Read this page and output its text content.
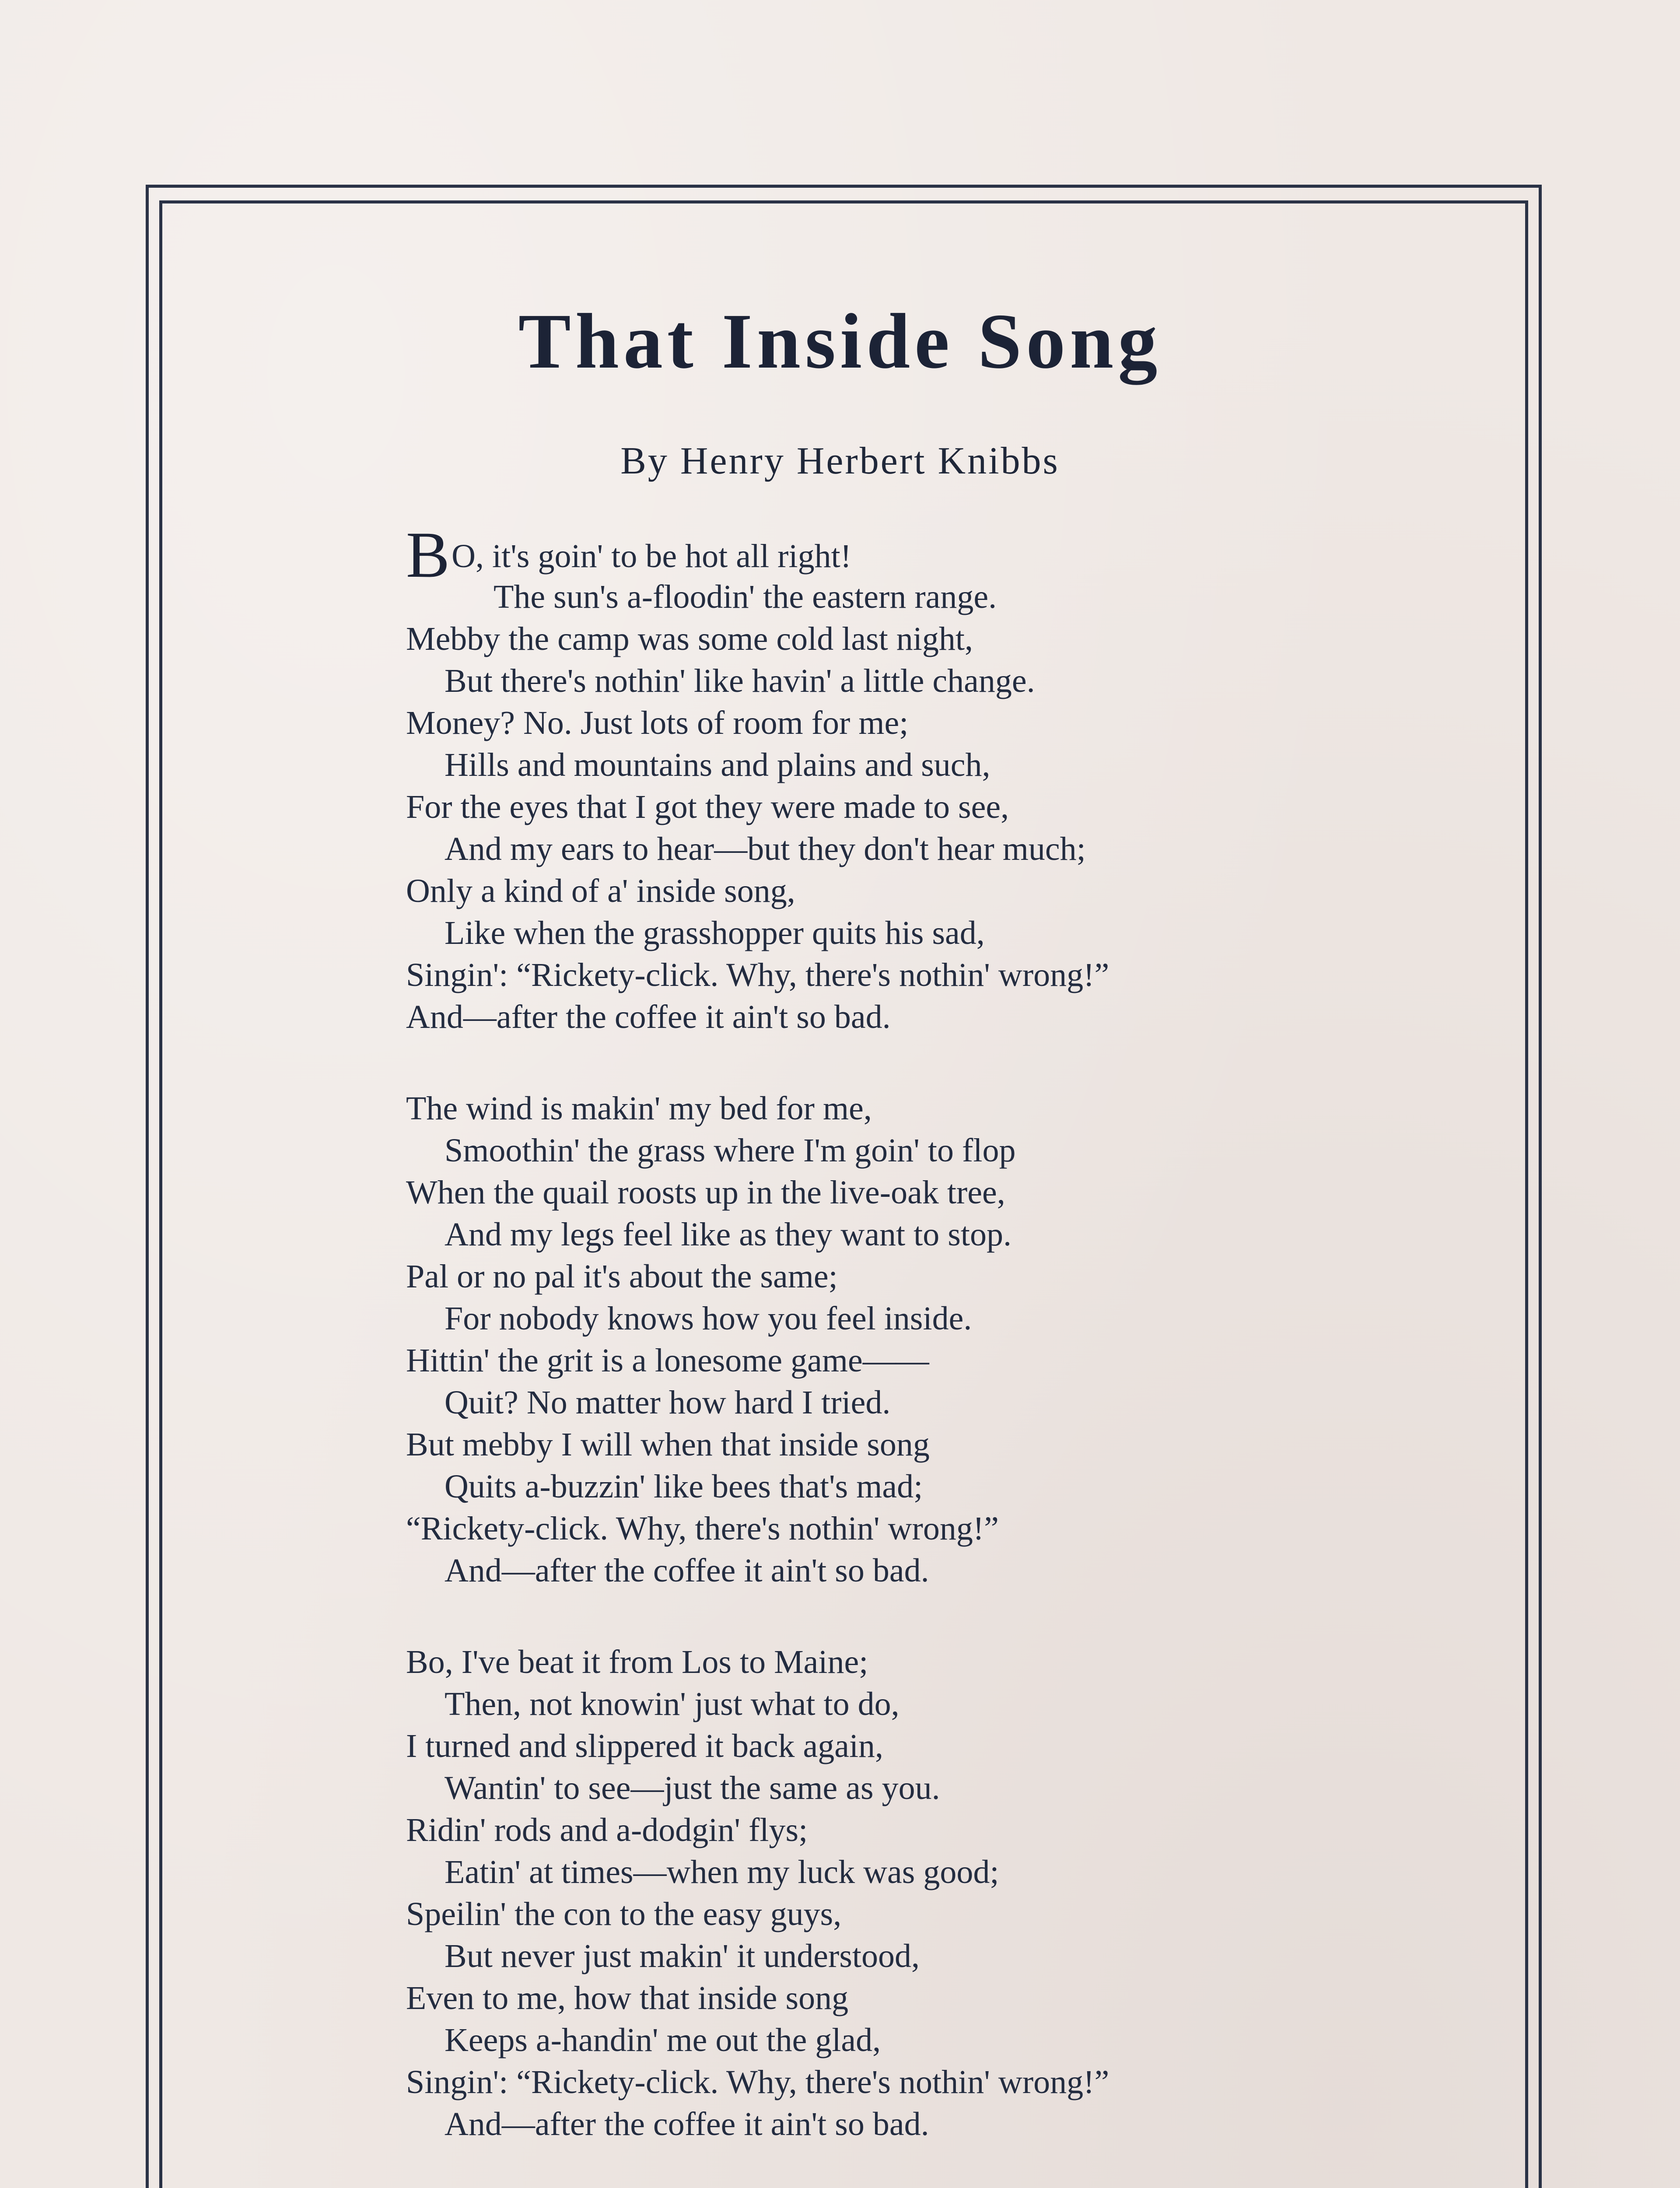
That Inside Song
By Henry Herbert Knibbs
BO, it's goin' to be hot all right!
The sun's a-floodin' the eastern range.
Mebby the camp was some cold last night,
But there's nothin' like havin' a little change.
Money? No. Just lots of room for me;
Hills and mountains and plains and such,
For the eyes that I got they were made to see,
And my ears to hear—but they don't hear much;
Only a kind of a' inside song,
Like when the grasshopper quits his sad,
Singin': “Rickety-click. Why, there's nothin' wrong!”
And—after the coffee it ain't so bad.
The wind is makin' my bed for me,
Smoothin' the grass where I'm goin' to flop
When the quail roosts up in the live-oak tree,
And my legs feel like as they want to stop.
Pal or no pal it's about the same;
For nobody knows how you feel inside.
Hittin' the grit is a lonesome game——
Quit? No matter how hard I tried.
But mebby I will when that inside song
Quits a-buzzin' like bees that's mad;
“Rickety-click. Why, there's nothin' wrong!”
And—after the coffee it ain't so bad.
Bo, I've beat it from Los to Maine;
Then, not knowin' just what to do,
I turned and slippered it back again,
Wantin' to see—just the same as you.
Ridin' rods and a-dodgin' flys;
Eatin' at times—when my luck was good;
Speilin' the con to the easy guys,
But never just makin' it understood,
Even to me, how that inside song
Keeps a-handin' me out the glad,
Singin': “Rickety-click. Why, there's nothin' wrong!”
And—after the coffee it ain't so bad.
